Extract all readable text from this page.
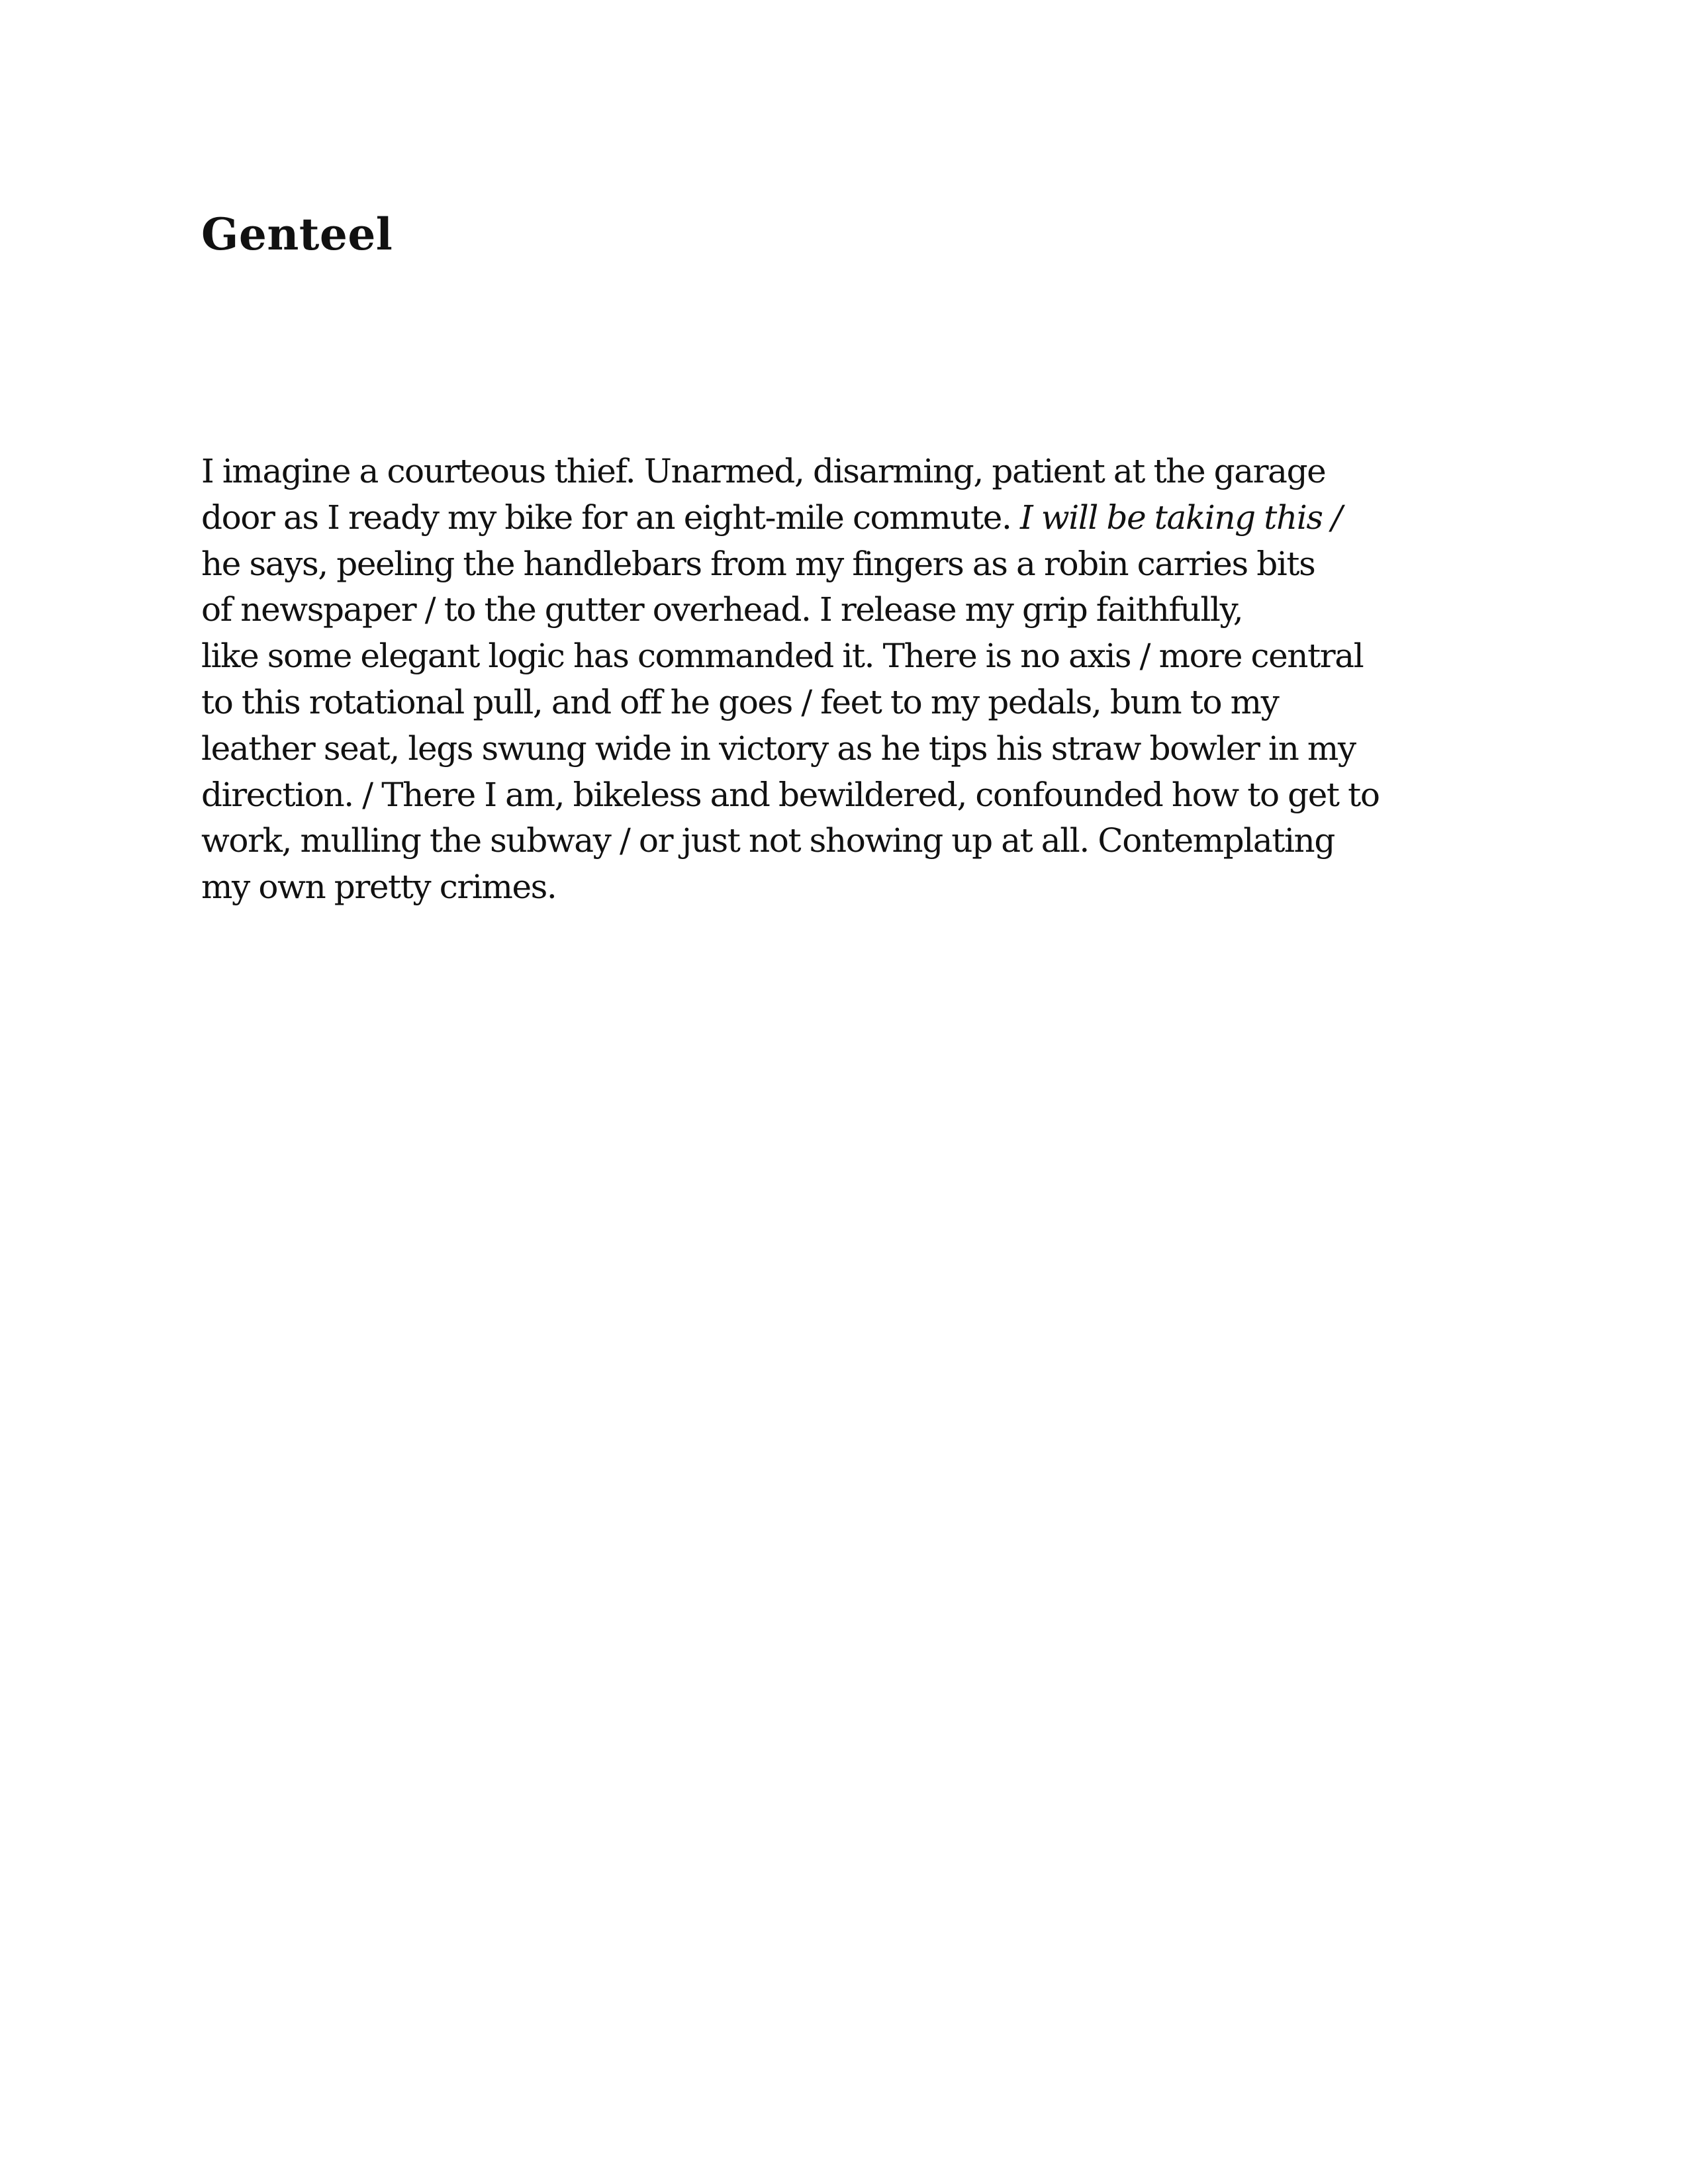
Genteel
I imagine a courteous thief. Unarmed, disarming, patient at the garage
door as I ready my bike for an eight-mile commute. I will be taking this /
he says, peeling the handlebars from my fingers as a robin carries bits
of newspaper / to the gutter overhead. I release my grip faithfully,
like some elegant logic has commanded it. There is no axis / more central
to this rotational pull, and off he goes / feet to my pedals, bum to my
leather seat, legs swung wide in victory as he tips his straw bowler in my
direction. / There I am, bikeless and bewildered, confounded how to get to
work, mulling the subway / or just not showing up at all. Contemplating
my own pretty crimes.
